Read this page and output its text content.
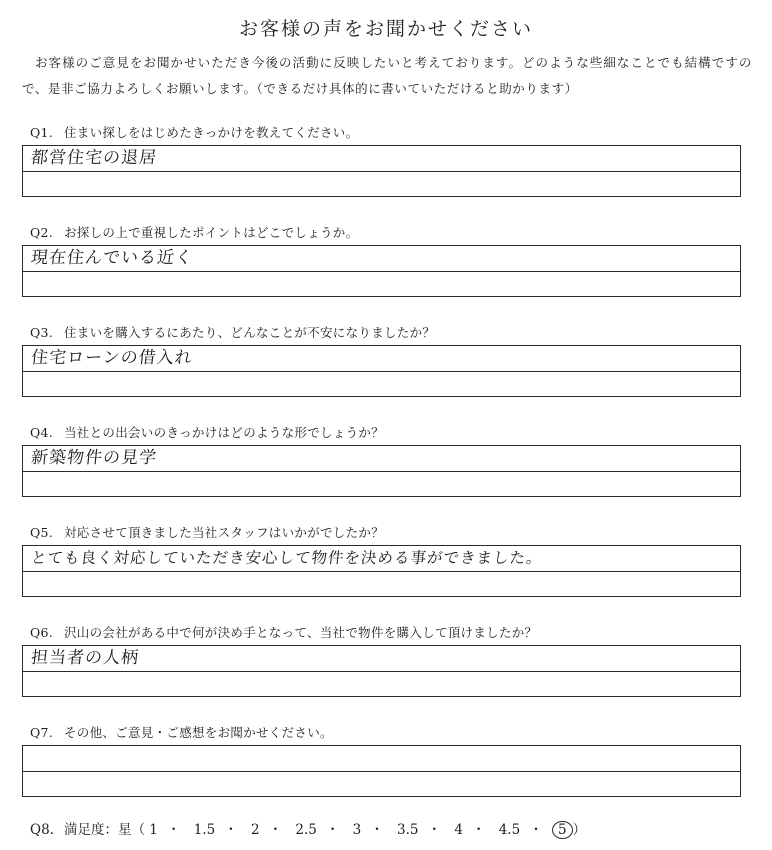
お客様の声をお聞かせください
お客様のご意見をお聞かせいただき今後の活動に反映したいと考えております。どのような些細なことでも結構ですので、是非ご協力よろしくお願いします。（できるだけ具体的に書いていただけると助かります）
Q1. 住まい探しをはじめたきっかけを教えてください。
都営住宅の退居
Q2. お探しの上で重視したポイントはどこでしょうか。
現在住んでいる近く
Q3. 住まいを購入するにあたり、どんなことが不安になりましたか？
住宅ローンの借入れ
Q4. 当社との出会いのきっかけはどのような形でしょうか？
新築物件の見学
Q5. 対応させて頂きました当社スタッフはいかがでしたか？
とても良く対応していただき安心して物件を決める事ができました。
Q6. 沢山の会社がある中で何が決め手となって、当社で物件を購入して頂けましたか？
担当者の人柄
Q7. その他、ご意見・ご感想をお聞かせください。
Q8. 満足度：星（ 1 ・ 1.5 ・ 2 ・ 2.5 ・ 3 ・ 3.5 ・ 4 ・ 4.5 ・ 5 ）
